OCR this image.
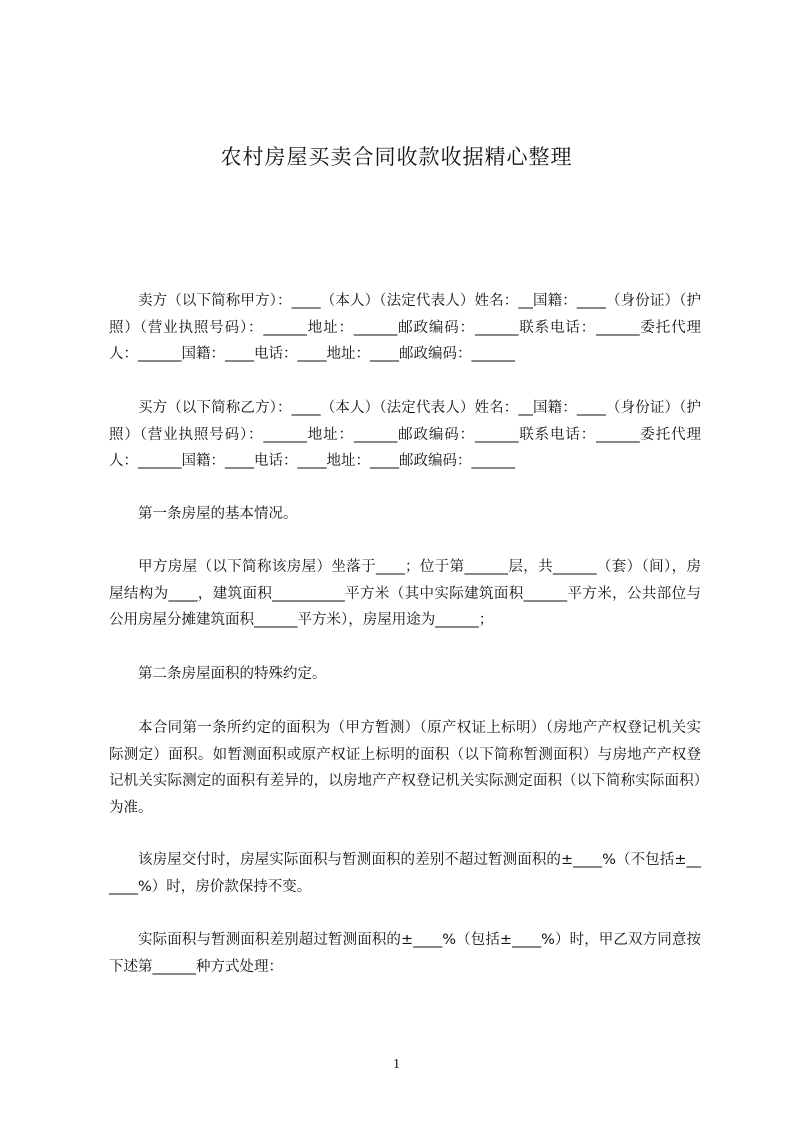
农村房屋买卖合同收款收据精心整理
卖方（以下简称甲方）：____（本人）（法定代表人）姓名：__国籍：____（身份证）（护照）（营业执照号码）：______地址：______邮政编码：______联系电话：______委托代理人：______国籍：____电话：____地址：____邮政编码：______
买方（以下简称乙方）：____（本人）（法定代表人）姓名：__国籍：____（身份证）（护照）（营业执照号码）：______地址：______邮政编码：______联系电话：______委托代理人：______国籍：____电话：____地址：____邮政编码：______
第一条房屋的基本情况。
甲方房屋（以下简称该房屋）坐落于____；位于第______层，共______（套）（间），房屋结构为____，建筑面积__________平方米（其中实际建筑面积______平方米，公共部位与公用房屋分摊建筑面积______平方米），房屋用途为______；
第二条房屋面积的特殊约定。
本合同第一条所约定的面积为（甲方暂测）（原产权证上标明）（房地产产权登记机关实际测定）面积。如暂测面积或原产权证上标明的面积（以下简称暂测面积）与房地产产权登记机关实际测定的面积有差异的，以房地产产权登记机关实际测定面积（以下简称实际面积）为准。
该房屋交付时，房屋实际面积与暂测面积的差别不超过暂测面积的±____%（不包括±______%）时，房价款保持不变。
实际面积与暂测面积差别超过暂测面积的±____%（包括±____%）时，甲乙双方同意按下述第______种方式处理：
1
